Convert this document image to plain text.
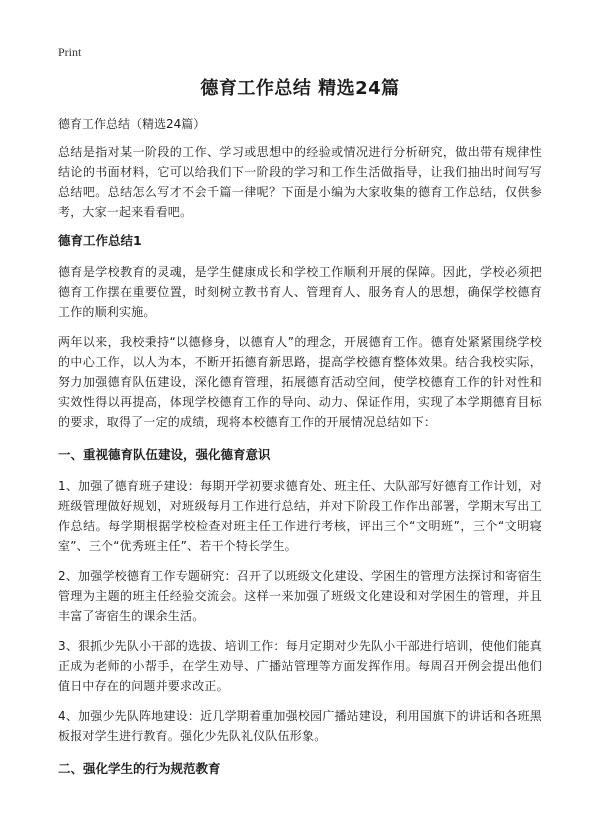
Print
德育工作总结 精选24篇
德育工作总结（精选24篇）

总结是指对某一阶段的工作、学习或思想中的经验或情况进行分析研究，做出带有规律性结论的书面材料，它可以给我们下一阶段的学习和工作生活做指导，让我们抽出时间写写总结吧。总结怎么写才不会千篇一律呢？下面是小编为大家收集的德育工作总结，仅供参考，大家一起来看看吧。

德育工作总结1

德育是学校教育的灵魂，是学生健康成长和学校工作顺利开展的保障。因此，学校必须把德育工作摆在重要位置，时刻树立教书育人、管理育人、服务育人的思想，确保学校德育工作的顺利实施。

两年以来，我校秉持“以德修身，以德育人”的理念，开展德育工作。德育处紧紧围绕学校的中心工作，以人为本，不断开拓德育新思路，提高学校德育整体效果。结合我校实际，努力加强德育队伍建设，深化德育管理，拓展德育活动空间，使学校德育工作的针对性和实效性得以再提高，体现学校德育工作的导向、动力、保证作用，实现了本学期德育目标的要求，取得了一定的成绩，现将本校德育工作的开展情况总结如下：

一、重视德育队伍建设，强化德育意识

1、加强了德育班子建设：每期开学初要求德育处、班主任、大队部写好德育工作计划，对班级管理做好规划，对班级每月工作进行总结，并对下阶段工作作出部署，学期末写出工作总结。每学期根据学校检查对班主任工作进行考核，评出三个“文明班”，三个“文明寝室”、三个“优秀班主任”、若干个特长学生。

2、加强学校德育工作专题研究：召开了以班级文化建设、学困生的管理方法探讨和寄宿生管理为主题的班主任经验交流会。这样一来加强了班级文化建设和对学困生的管理，并且丰富了寄宿生的课余生活。

3、狠抓少先队小干部的选拔、培训工作：每月定期对少先队小干部进行培训，使他们能真正成为老师的小帮手，在学生劝导、广播站管理等方面发挥作用。每周召开例会提出他们值日中存在的问题并要求改正。

4、加强少先队阵地建设：近几学期着重加强校园广播站建设，利用国旗下的讲话和各班黑板报对学生进行教育。强化少先队礼仪队伍形象。

二、强化学生的行为规范教育
